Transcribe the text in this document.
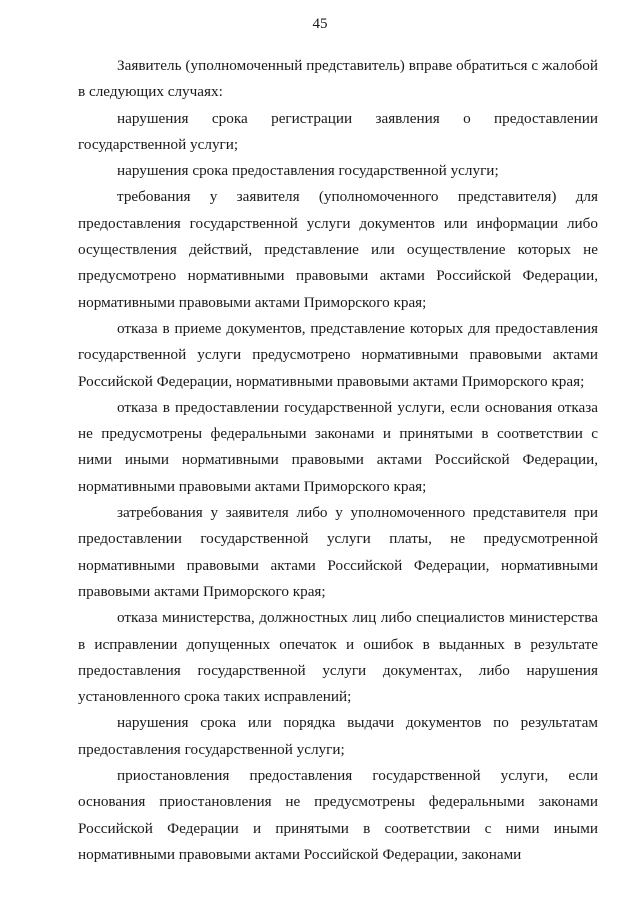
45

Заявитель (уполномоченный представитель) вправе обратиться с жалобой в следующих случаях:

нарушения срока регистрации заявления о предоставлении государственной услуги;

нарушения срока предоставления государственной услуги;

требования у заявителя (уполномоченного представителя) для предоставления государственной услуги документов или информации либо осуществления действий, представление или осуществление которых не предусмотрено нормативными правовыми актами Российской Федерации, нормативными правовыми актами Приморского края;

отказа в приеме документов, представление которых для предоставления государственной услуги предусмотрено нормативными правовыми актами Российской Федерации, нормативными правовыми актами Приморского края;

отказа в предоставлении государственной услуги, если основания отказа не предусмотрены федеральными законами и принятыми в соответствии с ними иными нормативными правовыми актами Российской Федерации, нормативными правовыми актами Приморского края;

затребования у заявителя либо у уполномоченного представителя при предоставлении государственной услуги платы, не предусмотренной нормативными правовыми актами Российской Федерации, нормативными правовыми актами Приморского края;

отказа министерства, должностных лиц либо специалистов министерства в исправлении допущенных опечаток и ошибок в выданных в результате предоставления государственной услуги документах, либо нарушения установленного срока таких исправлений;

нарушения срока или порядка выдачи документов по результатам предоставления государственной услуги;

приостановления предоставления государственной услуги, если основания приостановления не предусмотрены федеральными законами Российской Федерации и принятыми в соответствии с ними иными нормативными правовыми актами Российской Федерации, законами
